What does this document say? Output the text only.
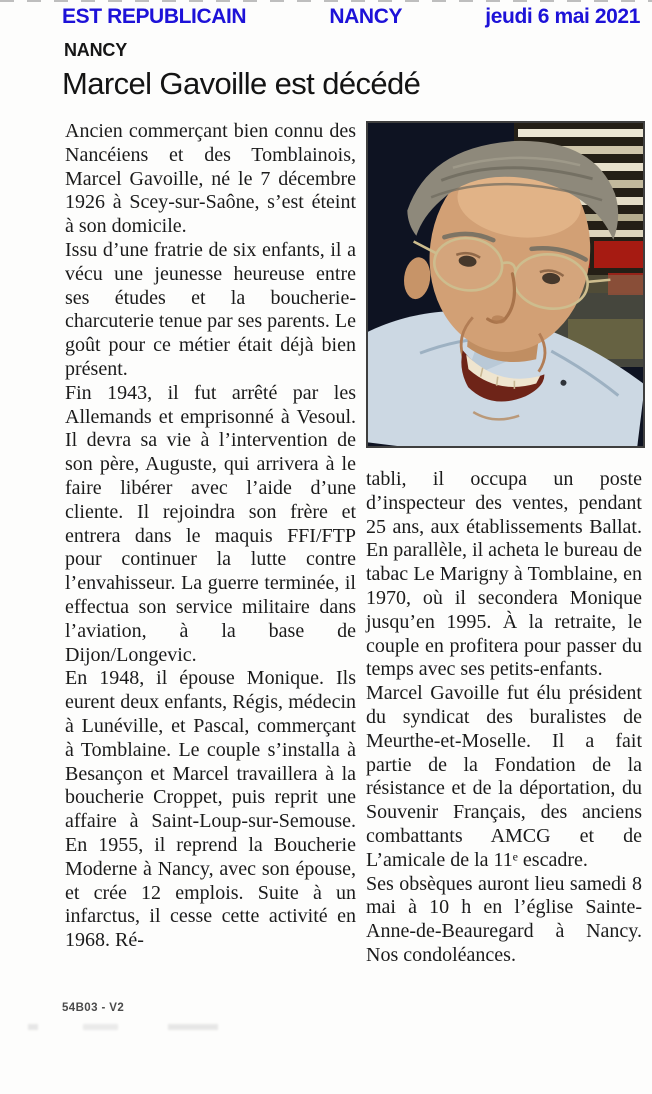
EST REPUBLICAIN	NANCY	jeudi 6 mai 2021
NANCY
Marcel Gavoille est décédé

Ancien commerçant bien connu des Nancéiens et des Tomblainois, Marcel Gavoille, né le 7 décembre 1926 à Scey-sur-Saône, s’est éteint à son domicile.

Issu d’une fratrie de six enfants, il a vécu une jeunesse heureuse entre ses études et la boucherie-charcuterie tenue par ses parents. Le goût pour ce métier était déjà bien présent.

Fin 1943, il fut arrêté par les Allemands et emprisonné à Vesoul. Il devra sa vie à l’intervention de son père, Auguste, qui arrivera à le faire libérer avec l’aide d’une cliente. Il rejoindra son frère et entrera dans le maquis FFI/FTP pour continuer la lutte contre l’envahisseur. La guerre terminée, il effectua son service militaire dans l’aviation, à la base de Dijon/Longevic.

En 1948, il épouse Monique. Ils eurent deux enfants, Régis, médecin à Lunéville, et Pascal, commerçant à Tomblaine. Le couple s’installa à Besançon et Marcel travaillera à la boucherie Croppet, puis reprit une affaire à Saint-Loup-sur-Semouse. En 1955, il reprend la Boucherie Moderne à Nancy, avec son épouse, et crée 12 emplois. Suite à un infarctus, il cesse cette activité en 1968. Ré-

tabli, il occupa un poste d’inspecteur des ventes, pendant 25 ans, aux établissements Ballat. En parallèle, il acheta le bureau de tabac Le Marigny à Tomblaine, en 1970, où il secondera Monique jusqu’en 1995. À la retraite, le couple en profitera pour passer du temps avec ses petits-enfants.

Marcel Gavoille fut élu président du syndicat des buralistes de Meurthe-et-Moselle. Il a fait partie de la Fondation de la résistance et de la déportation, du Souvenir Français, des anciens combattants AMCG et de L’amicale de la 11ᵉ escadre.

Ses obsèques auront lieu samedi 8 mai à 10 h en l’église Sainte-Anne-de-Beauregard à Nancy. Nos condoléances.

54B03 - V2
